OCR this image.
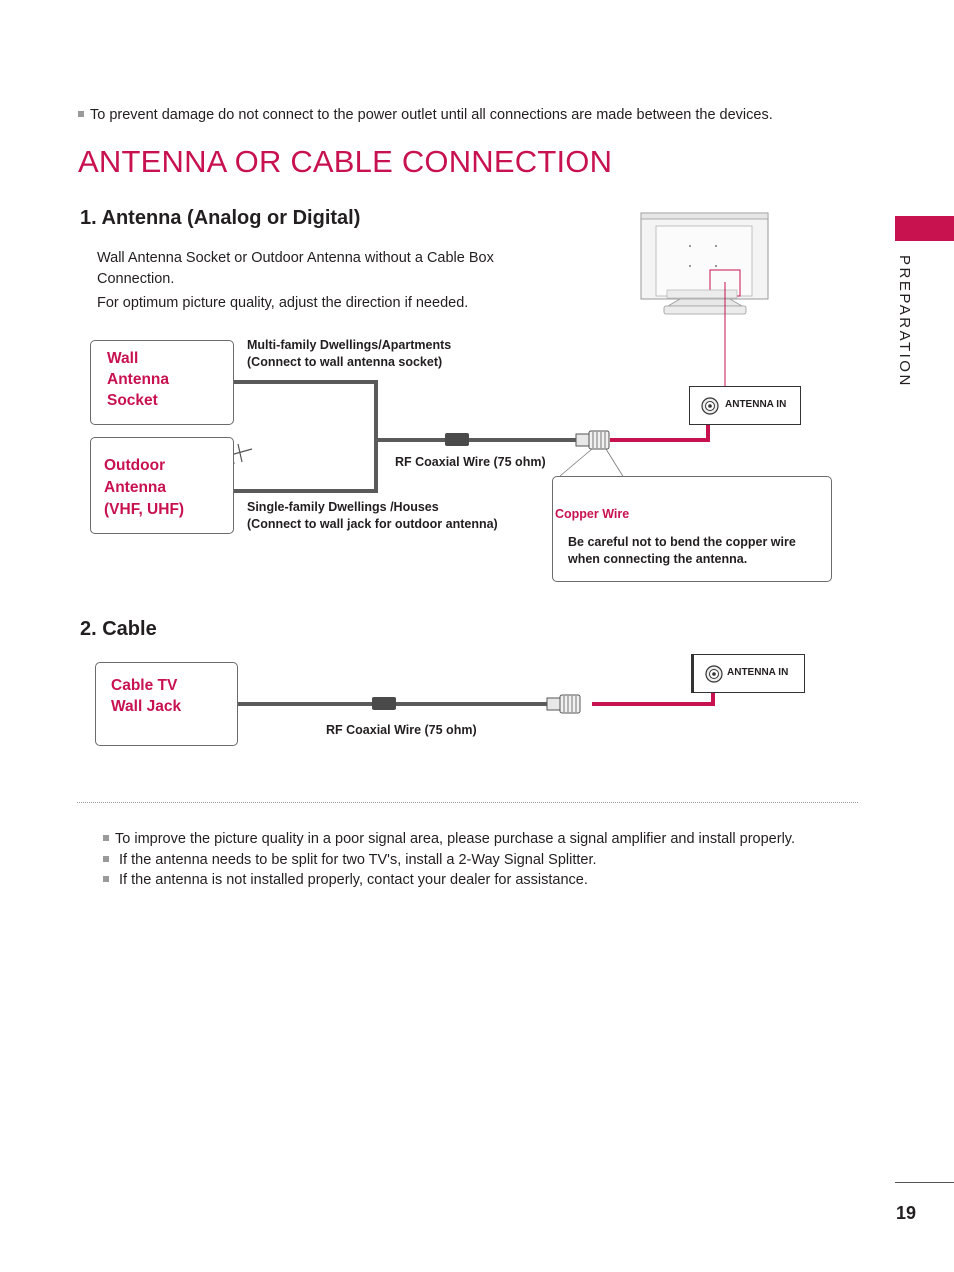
To prevent damage do not connect to the power outlet until all connections are made between the devices.
ANTENNA OR CABLE CONNECTION
1. Antenna (Analog or Digital)
Wall Antenna Socket or Outdoor Antenna without a Cable Box
Connection.
For optimum picture quality, adjust the direction if needed.
Wall
Antenna
Socket
Outdoor
Antenna
(VHF, UHF)
Multi-family Dwellings/Apartments
(Connect to wall antenna socket)
Single-family Dwellings /Houses
(Connect to wall jack for outdoor antenna)
RF Coaxial Wire (75 ohm)
ANTENNA IN
Copper Wire
Be careful not to bend the copper wire
when connecting the antenna.
2. Cable
Cable TV
Wall Jack
RF Coaxial Wire (75 ohm)
ANTENNA IN
To improve the picture quality in a poor signal area, please purchase a signal amplifier and install properly.
If the antenna needs to be split for two TV's, install a 2-Way Signal Splitter.
If the antenna is not installed properly, contact your dealer for assistance.
PREPARATION
19
